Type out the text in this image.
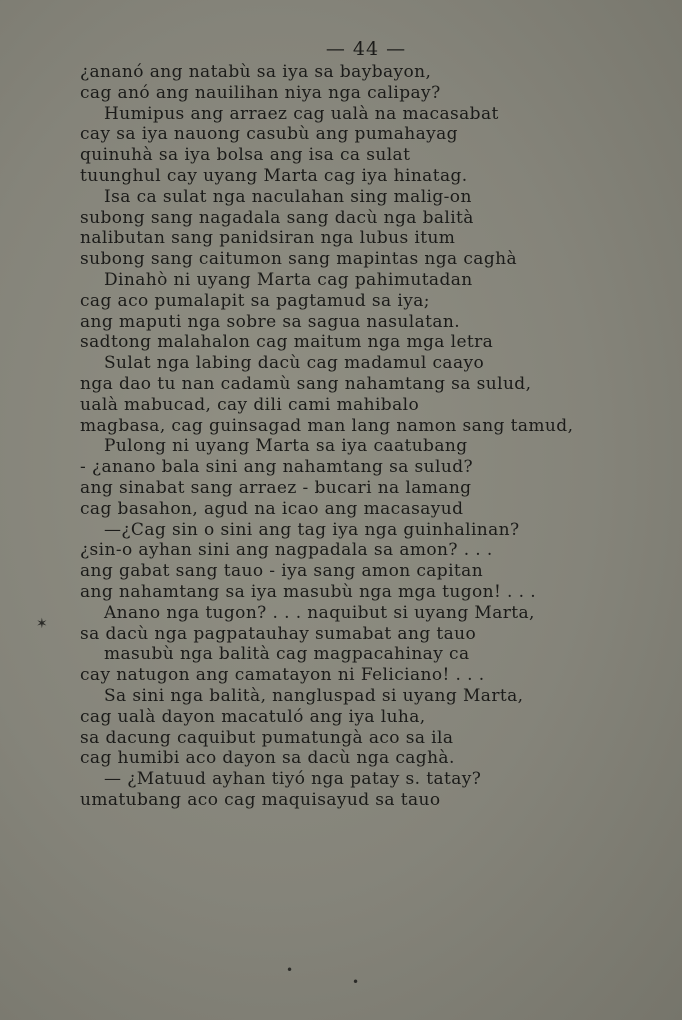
— 44 —
¿ananó ang natabù sa iya sa baybayon,
cag anó ang nauilihan niya nga calipay?
Humipus ang arraez cag ualà na macasabat
cay sa iya nauong casubù ang pumahayag
quinuhà sa iya bolsa ang isa ca sulat
tuunghul cay uyang Marta cag iya hinatag.
Isa ca sulat nga naculahan sing malig-on
subong sang nagadala sang dacù nga balità
nalibutan sang panidsiran nga lubus itum
subong sang caitumon sang mapintas nga caghà
Dinahò ni uyang Marta cag pahimutadan
cag aco pumalapit sa pagtamud sa iya;
ang maputi nga sobre sa sagua nasulatan.
sadtong malahalon cag maitum nga mga letra
Sulat nga labing dacù cag madamul caayo
nga dao tu nan cadamù sang nahamtang sa sulud,
ualà mabucad, cay dili cami mahibalo
magbasa, cag guinsagad man lang namon sang tamud,
Pulong ni uyang Marta sa iya caatubang
- ¿anano bala sini ang nahamtang sa sulud?
ang sinabat sang arraez - bucari na lamang
cag basahon, agud na icao ang macasayud
—¿Cag sin o sini ang tag iya nga guinhalinan?
¿sin-o ayhan sini ang nagpadala sa amon? . . .
ang gabat sang tauo - iya sang amon capitan
ang nahamtang sa iya masubù nga mga tugon! . . .
Anano nga tugon? . . . naquibut si uyang Marta,
sa dacù nga pagpatauhay sumabat ang tauo
masubù nga balità cag magpacahinay ca
cay natugon ang camatayon ni Feliciano! . . .
Sa sini nga balità, nangluspad si uyang Marta,
cag ualà dayon macatuló ang iya luha,
sa dacung caquibut pumatungà aco sa ila
cag humibi aco dayon sa dacù nga caghà.
— ¿Matuud ayhan tiyó nga patay s. tatay?
umatubang aco cag maquisayud sa tauo
✶
•
•
